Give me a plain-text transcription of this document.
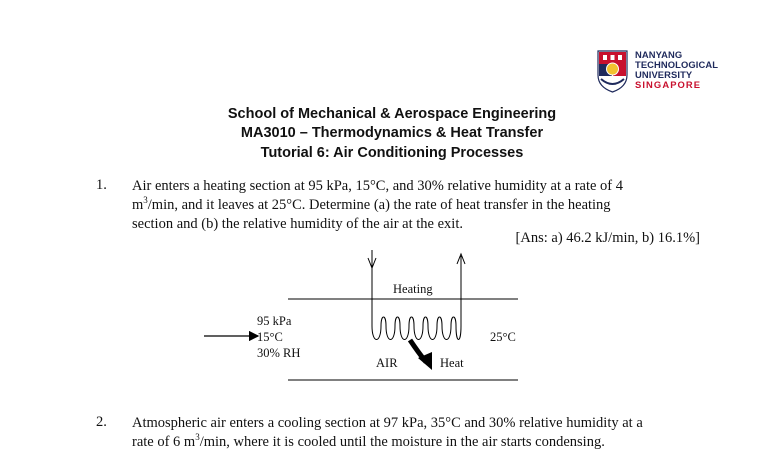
NANYANG
TECHNOLOGICAL
UNIVERSITY
SINGAPORE
School of Mechanical & Aerospace Engineering
MA3010 – Thermodynamics & Heat Transfer
Tutorial 6: Air Conditioning Processes
1. Air enters a heating section at 95 kPa, 15°C, and 30% relative humidity at a rate of 4
$m^3/\min$, and it leaves at 25°C. Determine (a) the rate of heat transfer in the heating
section and (b) the relative humidity of the air at the exit.
[Ans: a) 46.2 kJ/min, b) 16.1%]
Heating
95 kPa
15°C
30% RH
25°C
AIR	Heat
2. Atmospheric air enters a cooling section at 97 kPa, 35°C and 30% relative humidity at a
rate of 6 $m^3/\min$, where it is cooled until the moisture in the air starts condensing.
